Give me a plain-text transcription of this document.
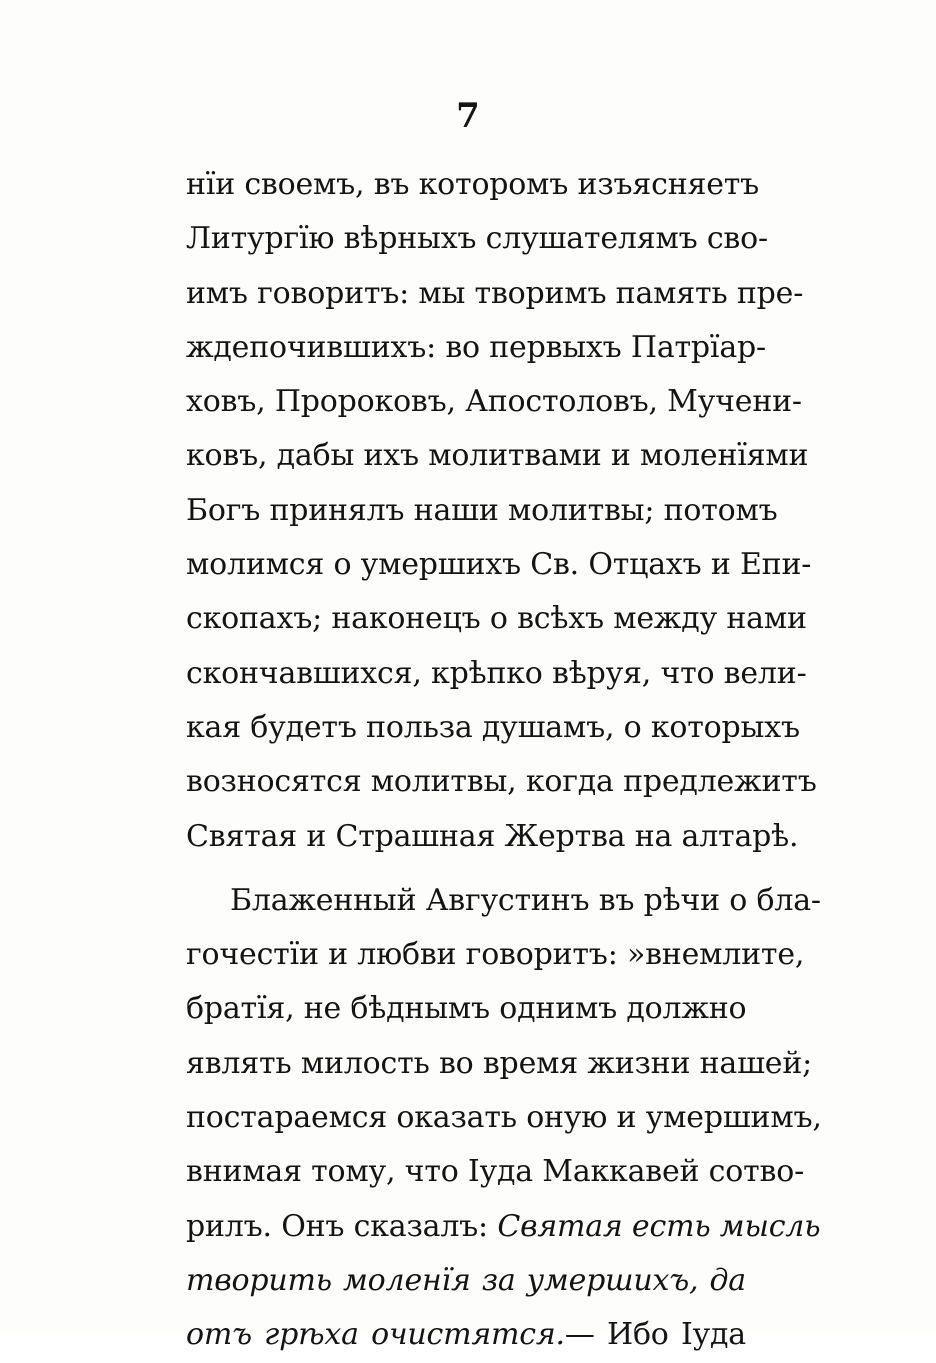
7
нїи своемъ, въ которомъ изъясняетъ
Литургїю вѣрныхъ слушателямъ сво-
имъ говоритъ: мы творимъ память пре-
ждепочившихъ: во первыхъ Патрїар-
ховъ, Пророковъ, Апостоловъ, Мучени-
ковъ, дабы ихъ молитвами и моленїями
Богъ принялъ наши молитвы; потомъ
молимся о умершихъ Св. Отцахъ и Епи-
скопахъ; наконецъ о всѣхъ между нами
скончавшихся, крѣпко вѣруя, что вели-
кая будетъ польза душамъ, о которыхъ
возносятся молитвы, когда предлежитъ
Святая и Страшная Жертва на алтарѣ.
Блаженный Августинъ въ рѣчи о бла-
гочестїи и любви говоритъ: »внемлите,
братїя, не бѣднымъ однимъ должно
являть милость во время жизни нашей;
постараемся оказать оную и умершимъ,
внимая тому, что Іуда Маккавей сотво-
рилъ. Онъ сказалъ: Святая есть мысль
творить моленїя за умершихъ, да
отъ грѣха очистятся.— Ибо Іуда
